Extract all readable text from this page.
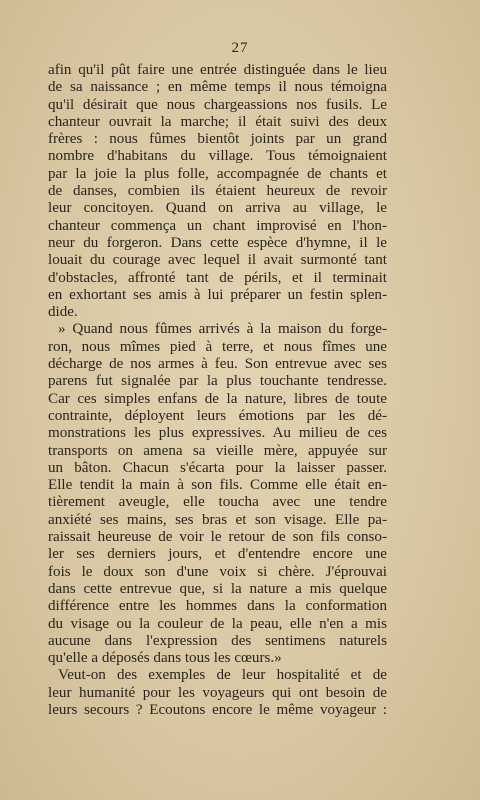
27
afin qu'il pût faire une entrée distinguée dans le lieu
de sa naissance ; en même temps il nous témoigna
qu'il désirait que nous chargeassions nos fusils. Le
chanteur ouvrait la marche; il était suivi des deux
frères : nous fûmes bientôt joints par un grand
nombre d'habitans du village. Tous témoignaient
par la joie la plus folle, accompagnée de chants et
de danses, combien ils étaient heureux de revoir
leur concitoyen. Quand on arriva au village, le
chanteur commença un chant improvisé en l'hon-
neur du forgeron. Dans cette espèce d'hymne, il le
louait du courage avec lequel il avait surmonté tant
d'obstacles, affronté tant de périls, et il terminait
en exhortant ses amis à lui préparer un festin splen-
dide.
» Quand nous fûmes arrivés à la maison du forge-
ron, nous mîmes pied à terre, et nous fîmes une
décharge de nos armes à feu. Son entrevue avec ses
parens fut signalée par la plus touchante tendresse.
Car ces simples enfans de la nature, libres de toute
contrainte, déployent leurs émotions par les dé-
monstrations les plus expressives. Au milieu de ces
transports on amena sa vieille mère, appuyée sur
un bâton. Chacun s'écarta pour la laisser passer.
Elle tendit la main à son fils. Comme elle était en-
tièrement aveugle, elle toucha avec une tendre
anxiété ses mains, ses bras et son visage. Elle pa-
raissait heureuse de voir le retour de son fils conso-
ler ses derniers jours, et d'entendre encore une
fois le doux son d'une voix si chère. J'éprouvai
dans cette entrevue que, si la nature a mis quelque
différence entre les hommes dans la conformation
du visage ou la couleur de la peau, elle n'en a mis
aucune dans l'expression des sentimens naturels
qu'elle a déposés dans tous les cœurs.»
Veut-on des exemples de leur hospitalité et de
leur humanité pour les voyageurs qui ont besoin de
leurs secours ? Ecoutons encore le même voyageur :
